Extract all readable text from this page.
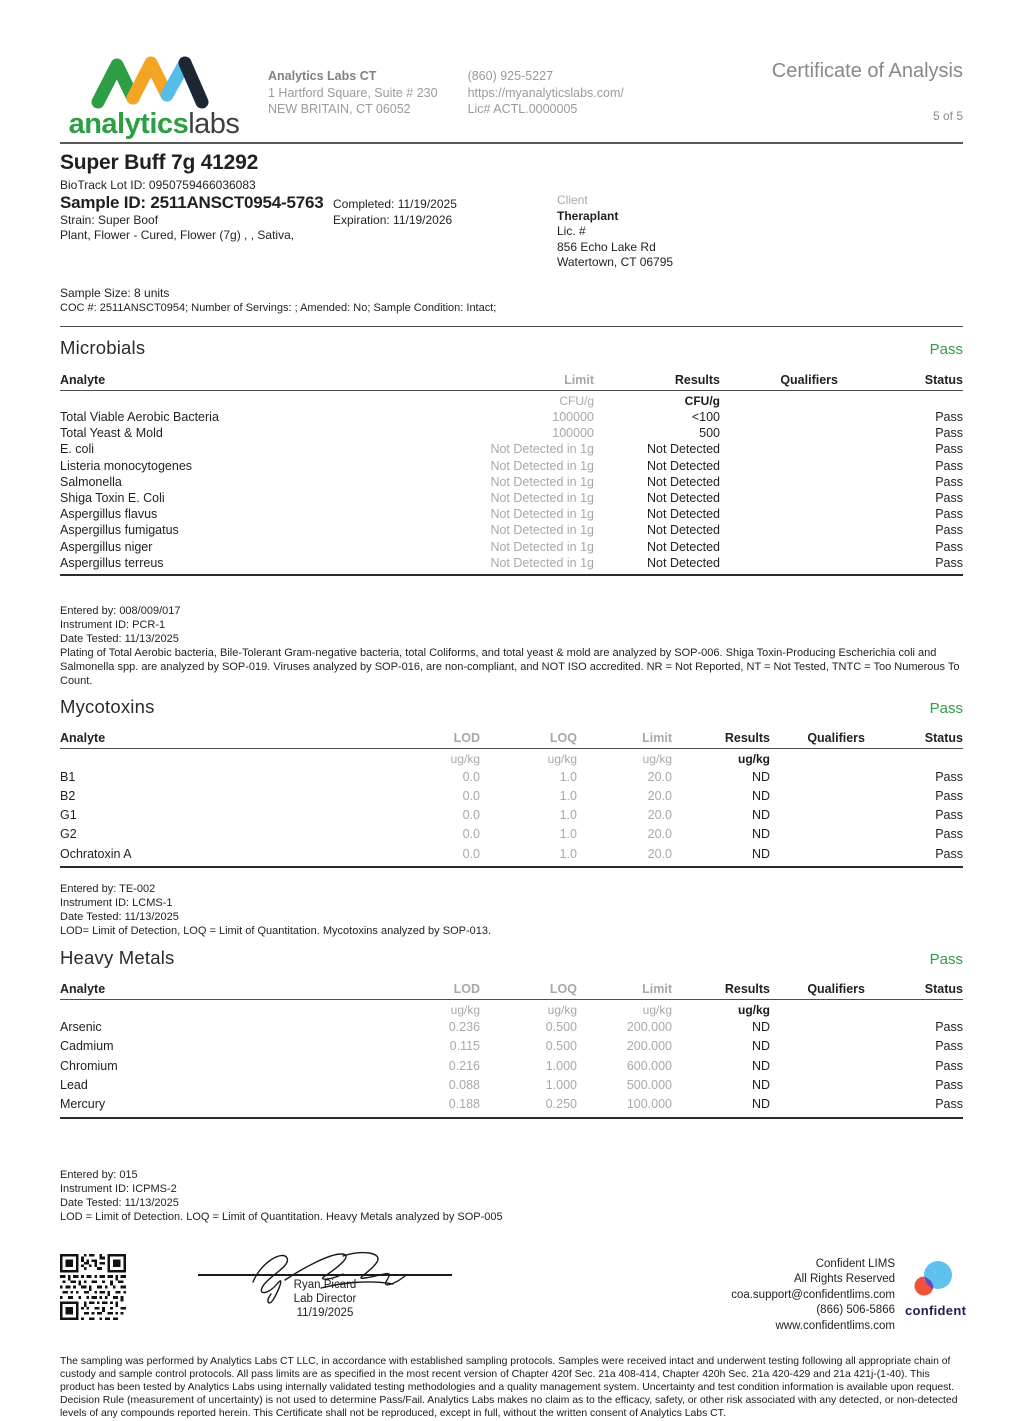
analyticslabs
Analytics Labs CT
1 Hartford Square, Suite # 230
NEW BRITAIN, CT 06052
(860) 925-5227
https://myanalyticslabs.com/
Lic# ACTL.0000005
Certificate of Analysis
5 of 5
Super Buff 7g 41292
BioTrack Lot ID: 0950759466036083
Sample ID: 2511ANSCT0954-5763
Strain: Super Boof
Plant, Flower - Cured, Flower (7g) , , Sativa,
Completed: 11/19/2025
Expiration: 11/19/2026
Client
Theraplant
Lic. #
856 Echo Lake Rd
Watertown, CT 06795
Sample Size: 8 units
COC #: 2511ANSCT0954; Number of Servings: ; Amended: No; Sample Condition: Intact;
Microbials	Pass
Analyte	Limit	Results	Qualifiers	Status
CFU/g	CFU/g
Total Viable Aerobic Bacteria	100000	<100	Pass
Total Yeast & Mold	100000	500	Pass
E. coli	Not Detected in 1g	Not Detected	Pass
Listeria monocytogenes	Not Detected in 1g	Not Detected	Pass
Salmonella	Not Detected in 1g	Not Detected	Pass
Shiga Toxin E. Coli	Not Detected in 1g	Not Detected	Pass
Aspergillus flavus	Not Detected in 1g	Not Detected	Pass
Aspergillus fumigatus	Not Detected in 1g	Not Detected	Pass
Aspergillus niger	Not Detected in 1g	Not Detected	Pass
Aspergillus terreus	Not Detected in 1g	Not Detected	Pass
Entered by: 008/009/017
Instrument ID: PCR-1
Date Tested: 11/13/2025
Plating of Total Aerobic bacteria, Bile-Tolerant Gram-negative bacteria, total Coliforms, and total yeast & mold are analyzed by SOP-006. Shiga Toxin-Producing Escherichia coli and Salmonella spp. are analyzed by SOP-019. Viruses analyzed by SOP-016, are non-compliant, and NOT ISO accredited. NR = Not Reported, NT = Not Tested, TNTC = Too Numerous To Count.
Mycotoxins	Pass
Analyte	LOD	LOQ	Limit	Results	Qualifiers	Status
ug/kg	ug/kg	ug/kg	ug/kg
B1	0.0	1.0	20.0	ND	Pass
B2	0.0	1.0	20.0	ND	Pass
G1	0.0	1.0	20.0	ND	Pass
G2	0.0	1.0	20.0	ND	Pass
Ochratoxin A	0.0	1.0	20.0	ND	Pass
Entered by: TE-002
Instrument ID: LCMS-1
Date Tested: 11/13/2025
LOD= Limit of Detection, LOQ = Limit of Quantitation. Mycotoxins analyzed by SOP-013.
Heavy Metals	Pass
Analyte	LOD	LOQ	Limit	Results	Qualifiers	Status
ug/kg	ug/kg	ug/kg	ug/kg
Arsenic	0.236	0.500	200.000	ND	Pass
Cadmium	0.115	0.500	200.000	ND	Pass
Chromium	0.216	1.000	600.000	ND	Pass
Lead	0.088	1.000	500.000	ND	Pass
Mercury	0.188	0.250	100.000	ND	Pass
Entered by: 015
Instrument ID: ICPMS-2
Date Tested: 11/13/2025
LOD = Limit of Detection. LOQ = Limit of Quantitation. Heavy Metals analyzed by SOP-005
Ryan Picard
Lab Director
11/19/2025
Confident LIMS
All Rights Reserved
coa.support@confidentlims.com
(866) 506-5866
www.confidentlims.com
confident
The sampling was performed by Analytics Labs CT LLC, in accordance with established sampling protocols. Samples were received intact and underwent testing following all appropriate chain of custody and sample control protocols. All pass limits are as specified in the most recent version of Chapter 420f Sec. 21a 408-414, Chapter 420h Sec. 21a 420-429 and 21a 421j-(1-40). This product has been tested by Analytics Labs using internally validated testing methodologies and a quality management system. Uncertainty and test condition information is available upon request. Decision Rule (measurement of uncertainty) is not used to determine Pass/Fail. Analytics Labs makes no claim as to the efficacy, safety, or other risk associated with any detected, or non-detected levels of any compounds reported herein. This Certificate shall not be reproduced, except in full, without the written consent of Analytics Labs CT.
